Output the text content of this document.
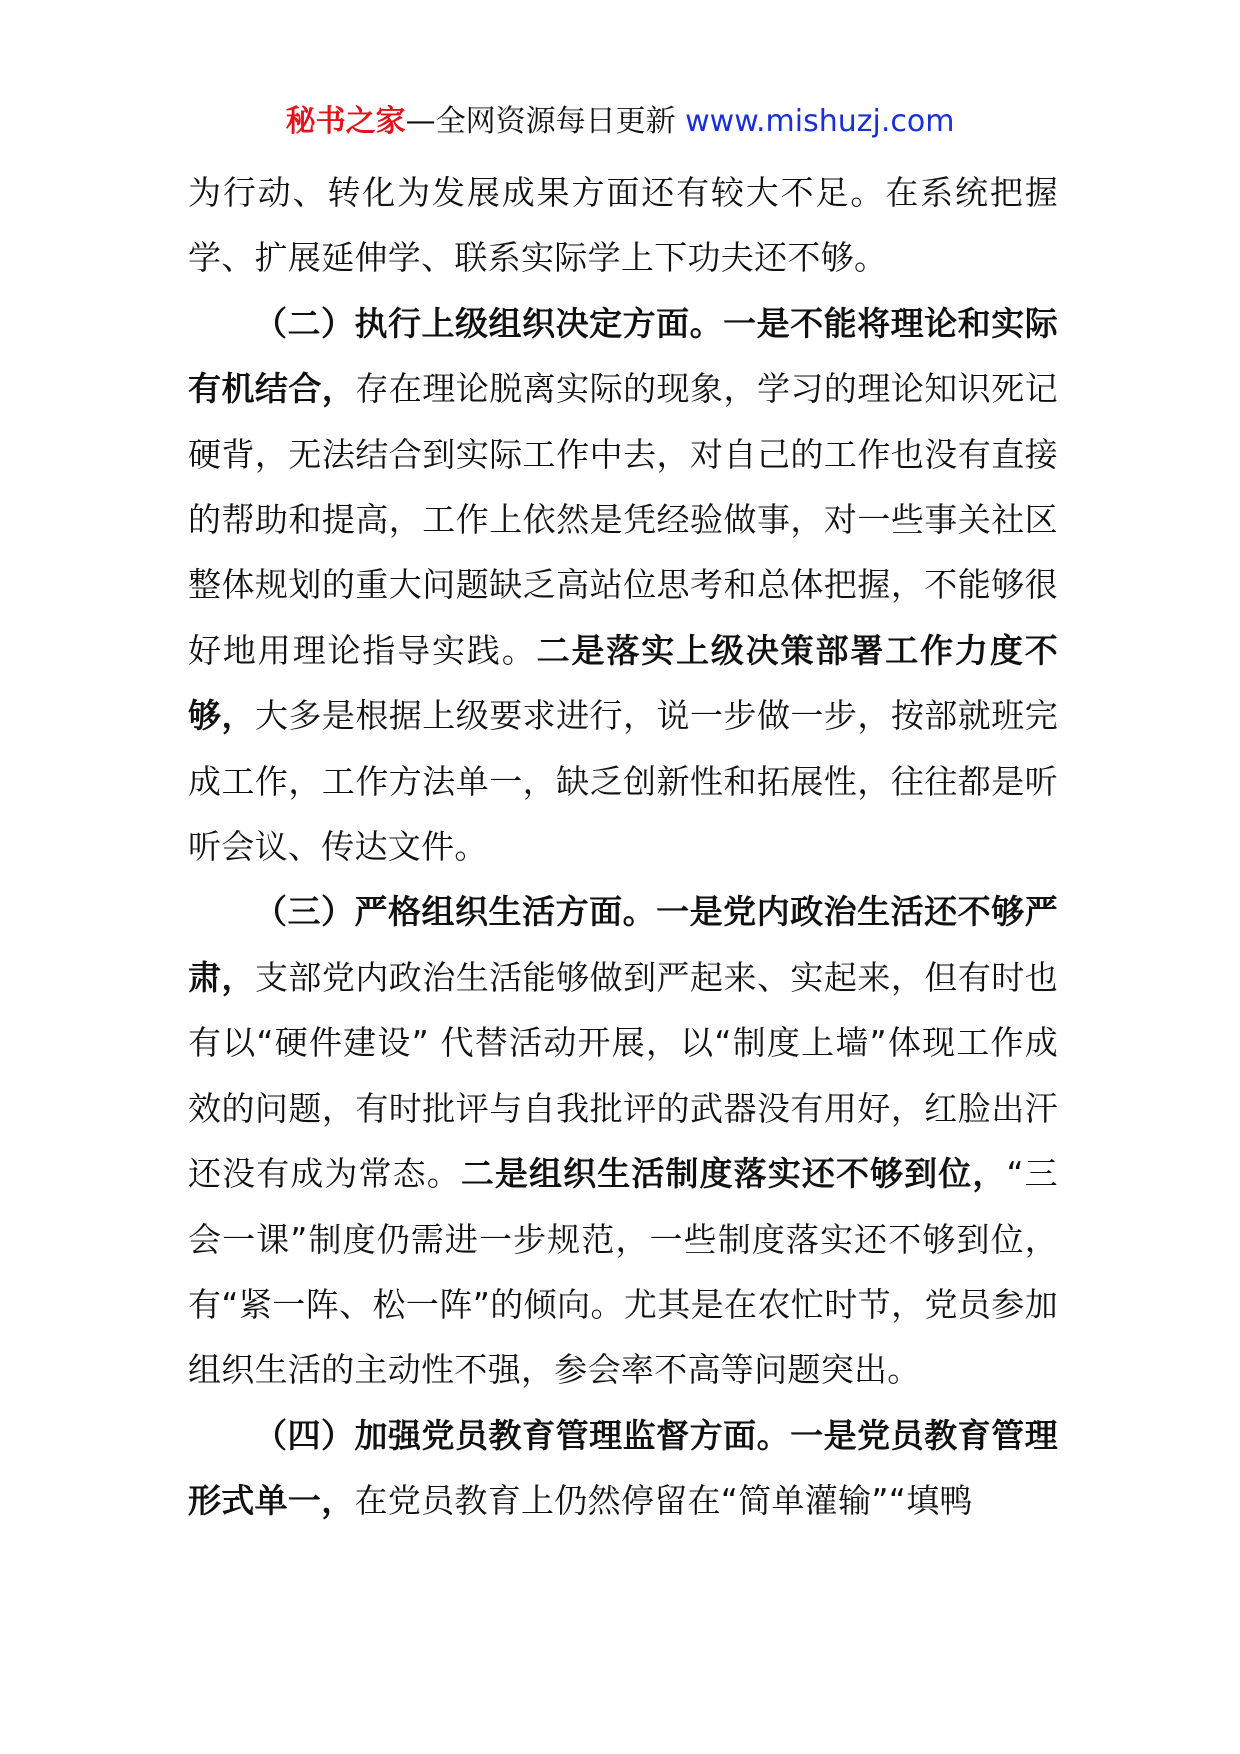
秘书之家—全网资源每日更新 www.mishuzj.com

为行动、转化为发展成果方面还有较大不足。在系统把握学、扩展延伸学、联系实际学上下功夫还不够。

（二）执行上级组织决定方面。一是不能将理论和实际有机结合，存在理论脱离实际的现象，学习的理论知识死记硬背，无法结合到实际工作中去，对自己的工作也没有直接的帮助和提高，工作上依然是凭经验做事，对一些事关社区整体规划的重大问题缺乏高站位思考和总体把握，不能够很好地用理论指导实践。二是落实上级决策部署工作力度不够，大多是根据上级要求进行，说一步做一步，按部就班完成工作，工作方法单一，缺乏创新性和拓展性，往往都是听听会议、传达文件。

（三）严格组织生活方面。一是党内政治生活还不够严肃，支部党内政治生活能够做到严起来、实起来，但有时也有以“硬件建设” 代替活动开展，以“制度上墙”体现工作成效的问题，有时批评与自我批评的武器没有用好，红脸出汗还没有成为常态。二是组织生活制度落实还不够到位，“三会一课”制度仍需进一步规范，一些制度落实还不够到位，有“紧一阵、松一阵”的倾向。尤其是在农忙时节，党员参加组织生活的主动性不强，参会率不高等问题突出。

（四）加强党员教育管理监督方面。一是党员教育管理形式单一，在党员教育上仍然停留在“简单灌输”“填鸭
